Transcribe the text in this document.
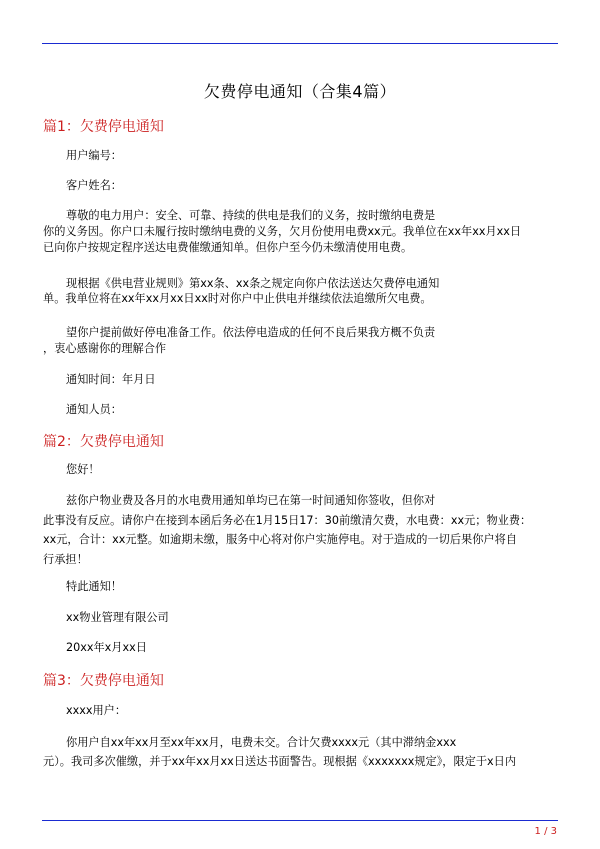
欠费停电通知（合集4篇）
篇1：欠费停电通知
用户编号：
客户姓名：
尊敬的电力用户：安全、可靠、持续的供电是我们的义务，按时缴纳电费是
你的义务因。你户口未履行按时缴纳电费的义务，欠月份使用电费xx元。我单位在xx年xx月xx日
已向你户按规定程序送达电费催缴通知单。但你户至今仍未缴清使用电费。
现根据《供电营业规则》第xx条、xx条之规定向你户依法送达欠费停电通知
单。我单位将在xx年xx月xx日xx时对你户中止供电并继续依法追缴所欠电费。
望你户提前做好停电准备工作。依法停电造成的任何不良后果我方概不负责
，衷心感谢你的理解合作
通知时间：年月日
通知人员：
篇2：欠费停电通知
您好！
兹你户物业费及各月的水电费用通知单均已在第一时间通知你签收，但你对
此事没有反应。请你户在接到本函后务必在1月15日17：30前缴清欠费，水电费：xx元；物业费：
xx元，合计：xx元整。如逾期未缴，服务中心将对你户实施停电。对于造成的一切后果你户将自
行承担！
特此通知！
xx物业管理有限公司
20xx年x月xx日
篇3：欠费停电通知
xxxx用户：
你用户自xx年xx月至xx年xx月，电费未交。合计欠费xxxx元（其中滞纳金xxx
元）。我司多次催缴，并于xx年xx月xx日送达书面警告。现根据《xxxxxxx规定》，限定于x日内
1 / 3
